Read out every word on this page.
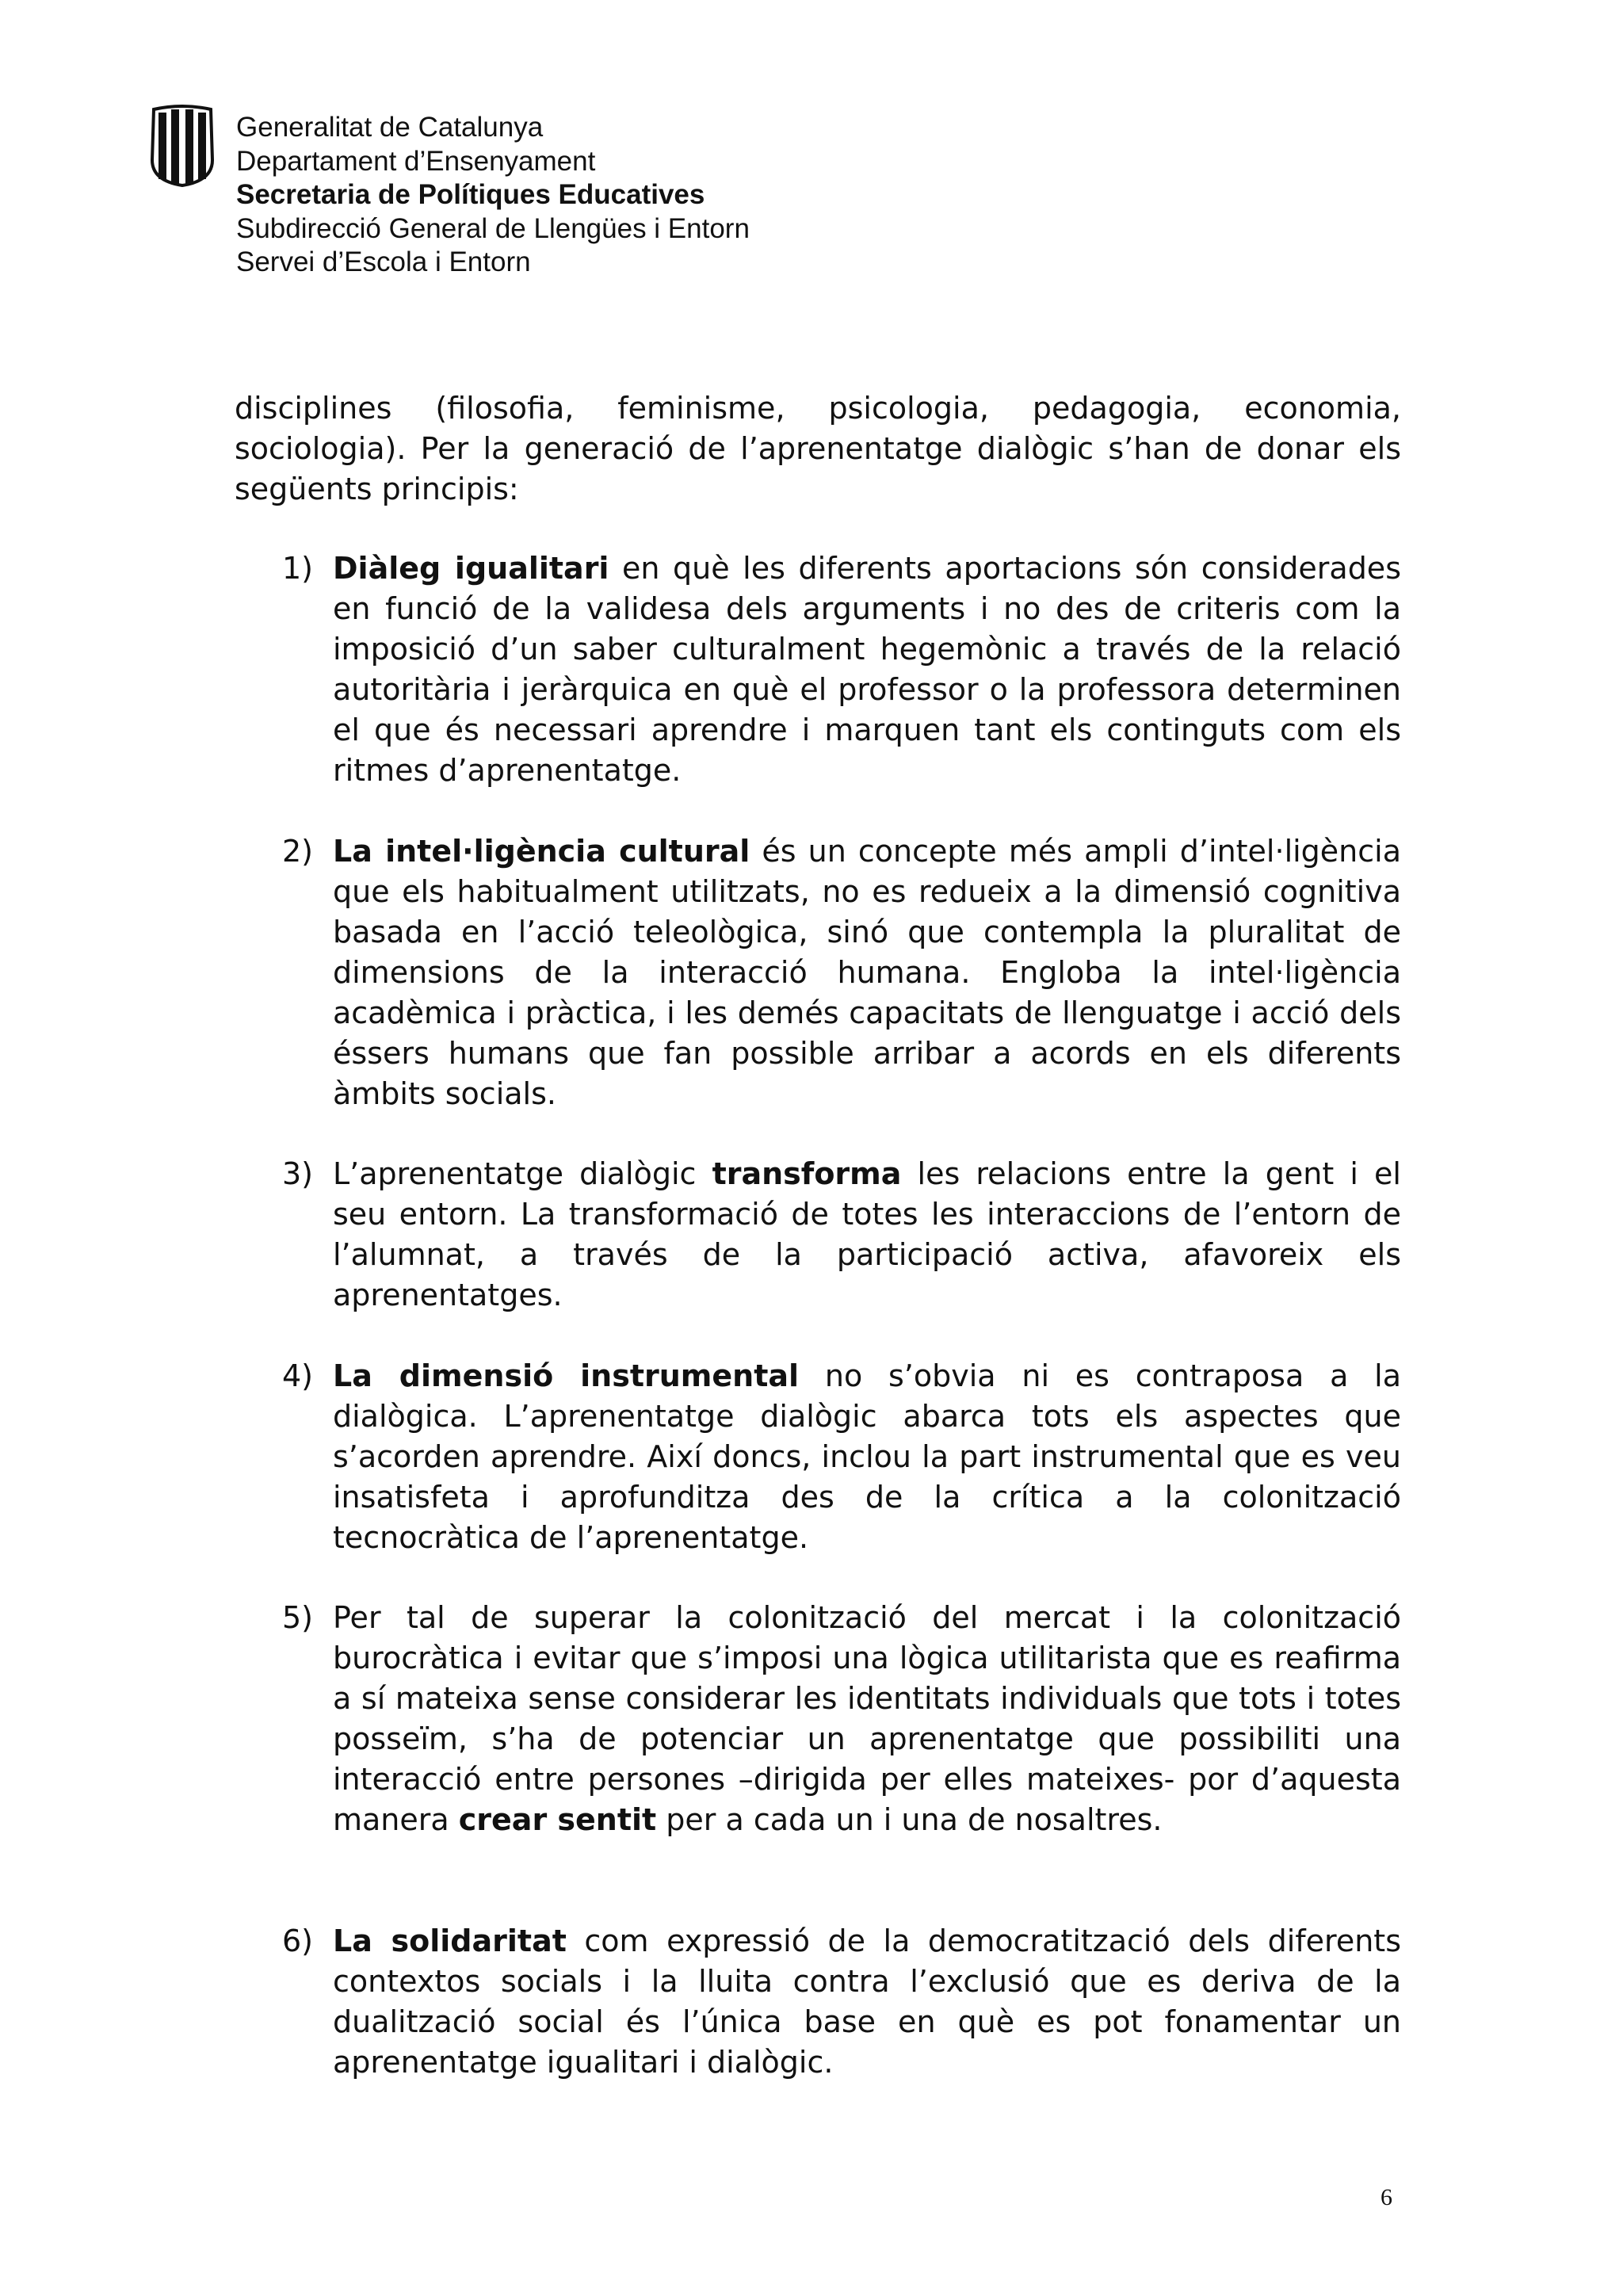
Generalitat de Catalunya
Departament d’Ensenyament
Secretaria de Polítiques Educatives
Subdirecció General de Llengües i Entorn
Servei d’Escola i Entorn
disciplines (filosofia, feminisme, psicologia, pedagogia, economia, sociologia). Per la generació de l’aprenentatge dialògic s’han de donar els següents principis:
1) Diàleg igualitari en què les diferents aportacions són considerades en funció de la validesa dels arguments i no des de criteris com la imposició d’un saber culturalment hegemònic a través de la relació autoritària i jeràrquica en què el professor o la professora determinen el que és necessari aprendre i marquen tant els continguts com els ritmes d’aprenentatge.
2) La intel·ligència cultural és un concepte més ampli d’intel·ligència que els habitualment utilitzats, no es redueix a la dimensió cognitiva basada en l’acció teleològica, sinó que contempla la pluralitat de dimensions de la interacció humana. Engloba la intel·ligència acadèmica i pràctica, i les demés capacitats de llenguatge i acció dels éssers humans que fan possible arribar a acords en els diferents àmbits socials.
3) L’aprenentatge dialògic transforma les relacions entre la gent i el seu entorn. La transformació de totes les interaccions de l’entorn de l’alumnat, a través de la participació activa, afavoreix els aprenentatges.
4) La dimensió instrumental no s’obvia ni es contraposa a la dialògica. L’aprenentatge dialògic abarca tots els aspectes que s’acorden aprendre. Així doncs, inclou la part instrumental que es veu insatisfeta i aprofunditza des de la crítica a la colonització tecnocràtica de l’aprenentatge.
5) Per tal de superar la colonització del mercat i la colonització burocràtica i evitar que s’imposi una lògica utilitarista que es reafirma a sí mateixa sense considerar les identitats individuals que tots i totes posseïm, s’ha de potenciar un aprenentatge que possibiliti una interacció entre persones –dirigida per elles mateixes- por d’aquesta manera crear sentit per a cada un i una de nosaltres.
6) La solidaritat com expressió de la democratització dels diferents contextos socials i la lluita contra l’exclusió que es deriva de la dualització social és l’única base en què es pot fonamentar un aprenentatge igualitari i dialògic.
6
